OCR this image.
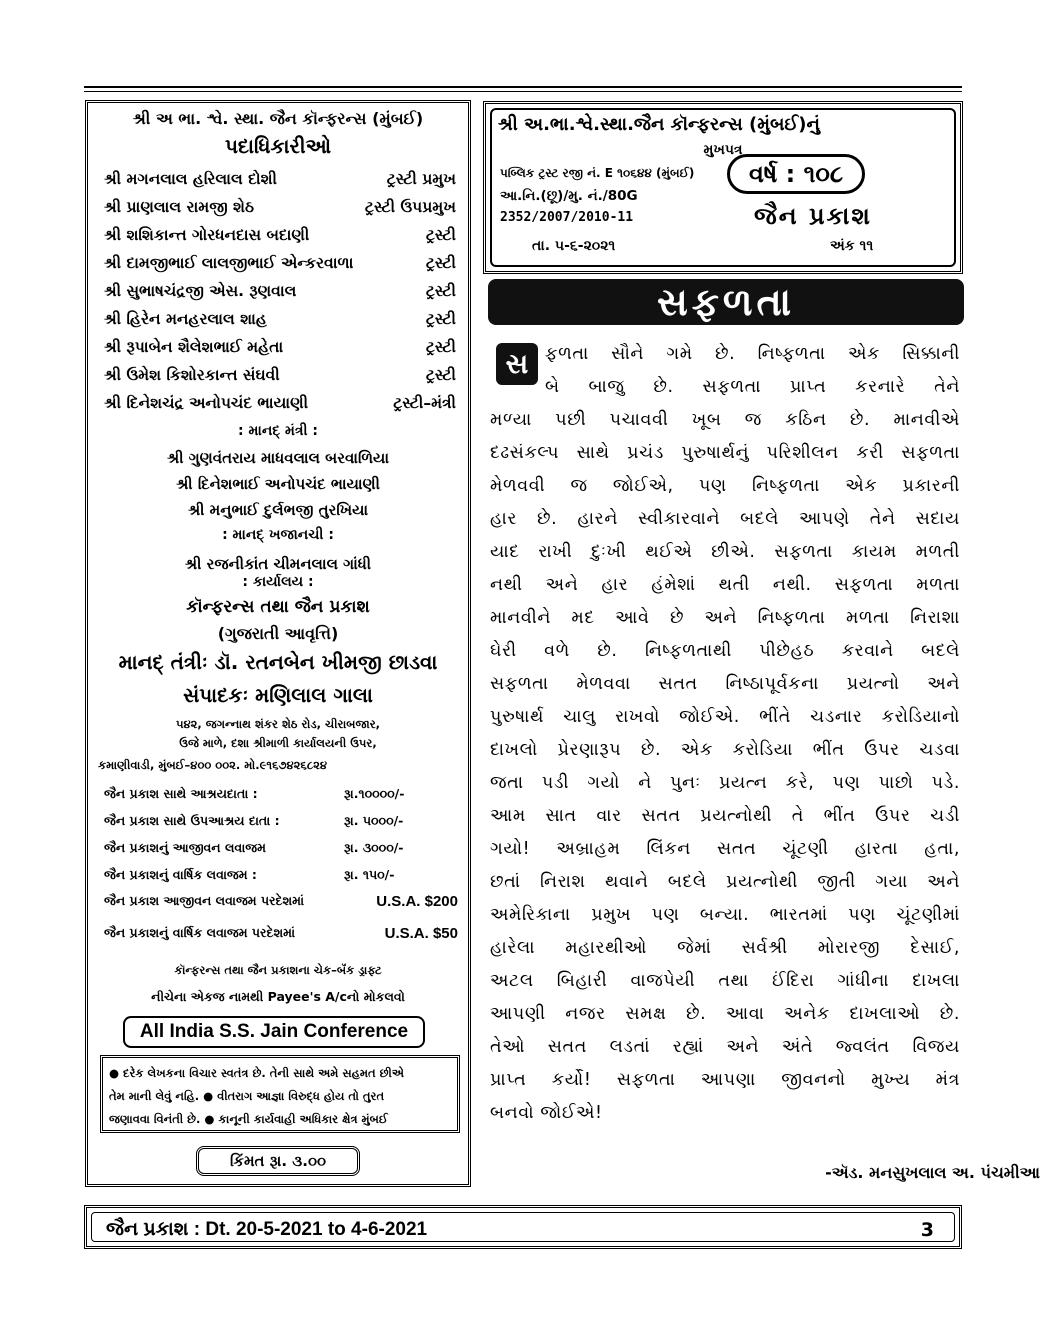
શ્રી અ ભા. શ્વે. સ્થા. જૈન કૉન્ફરન્સ (મુંબઈ)
પદાધિકારીઓ
શ્રી મગનલાલ હરિલાલ દોશી	ટ્રસ્ટી પ્રમુખ
શ્રી પ્રાણલાલ રામજી શેઠ	ટ્રસ્ટી ઉપપ્રમુખ
શ્રી શશિકાન્ત ગોરધનદાસ બદાણી	ટ્રસ્ટી
શ્રી દામજીભાઈ લાલજીભાઈ એન્કરવાળા	ટ્રસ્ટી
શ્રી સુભાષચંદ્રજી એસ. રૂણવાલ	ટ્રસ્ટી
શ્રી હિરેન મનહરલાલ શાહ	ટ્રસ્ટી
શ્રી રૂપાબેન શૈલેશભાઈ મહેતા	ટ્રસ્ટી
શ્રી ઉમેશ કિશોરકાન્ત સંઘવી	ટ્રસ્ટી
શ્રી દિનેશચંદ્ર અનોપચંદ ભાયાણી	ટ્રસ્ટી–મંત્રી
: માનદ્ મંત્રી :
શ્રી ગુણવંતરાય માધવલાલ બરવાળિયા
શ્રી દિનેશભાઈ અનોપચંદ ભાયાણી
શ્રી મનુભાઈ દુર્લભજી તુરખિયા
: માનદ્ ખજાનચી :
શ્રી રજનીકાંત ચીમનલાલ ગાંધી
: કાર્યાલય :
કૉન્ફરન્સ તથા જૈન પ્રકાશ
(ગુજરાતી આવૃત્તિ)
માનદ્ તંત્રીઃ ડૉ. રતનબેન ખીમજી છાડવા
સંપાદકઃ મણિલાલ ગાલા
૫૪૨, જગન્નાથ શંકર શેઠ રોડ, ચીરાબજાર,
ઉજે માળે, દશા શ્રીમાળી કાર્યાલયની ઉપર,
કમાણીવાડી, મુંબઈ–૪૦૦ ૦૦૨. મો.૯૧૬૭૪૨૬૮૨૪
જૈન પ્રકાશ સાથે આશ્રયદાતા :	રૂા.૧૦૦૦૦/-
જૈન પ્રકાશ સાથે ઉપઆશ્રય દાતા :	રૂા. ૫૦૦૦/-
જૈન પ્રકાશનું આજીવન લવાજમ	રૂા. ૩૦૦૦/-
જૈન પ્રકાશનું વાર્ષિક લવાજમ :	રૂા. ૧૫૦/-
જૈન પ્રકાશ આજીવન લવાજમ પરદેશમાં	U.S.A. $200
જૈન પ્રકાશનું વાર્ષિક લવાજમ પરદેશમાં	U.S.A. $50
કૉન્ફરન્સ તથા જૈન પ્રકાશના ચેક–બૅંક ડ્રાફ્ટ
નીચેના એકજ નામથી Payee's A/cનો મોકલવો
All India S.S. Jain Conference
● દરેક લેખકના વિચાર સ્વતંત્ર છે. તેની સાથે અમે સહમત છીએ
તેમ માની લેવું નહિ. ● વીતરાગ આજ્ઞા વિરુદ્ધ હોય તો તુરત
જણાવવા વિનંતી છે. ● કાનૂની કાર્યવાહી અધિકાર ક્ષેત્ર મુંબઈ
કિંમત રૂા. ૩.૦૦
શ્રી અ.ભા.શ્વે.સ્થા.જૈન કૉન્ફરન્સ (મુંબઈ)નું
મુખપત્ર
પબ્લિક ટ્રસ્ટ રજી નં. E ૧૦૬૪૪ (મુંબઈ)
આ.નિ.(છૂ)/મુ. નં./80G
2352/2007/2010-11
વર્ષ : ૧૦૮
જૈન પ્રકાશ
તા. ૫-૬-૨૦૨૧	અંક ૧૧
સફળતા
સ ફળતા સૌને ગમે છે. નિષ્ફળતા એક સિક્કાની
બે બાજુ છે. સફળતા પ્રાપ્ત કરનારે તેને
મળ્યા પછી પચાવવી ખૂબ જ કઠિન છે. માનવીએ
દઢસંકલ્પ સાથે પ્રચંડ પુરુષાર્થનું પરિશીલન કરી સફળતા
મેળવવી જ જોઈએ, પણ નિષ્ફળતા એક પ્રકારની
હાર છે. હારને સ્વીકારવાને બદલે આપણે તેને સદાય
યાદ રાખી દુઃખી થઈએ છીએ. સફળતા કાયમ મળતી
નથી અને હાર હંમેશાં થતી નથી. સફળતા મળતા
માનવીને મદ આવે છે અને નિષ્ફળતા મળતા નિરાશા
ઘેરી વળે છે. નિષ્ફળતાથી પીછેહઠ કરવાને બદલે
સફળતા મેળવવા સતત નિષ્ઠાપૂર્વકના પ્રયત્નો અને
પુરુષાર્થ ચાલુ રાખવો જોઈએ. ભીંતે ચડનાર કરોડિયાનો
દાખલો પ્રેરણારૂપ છે. એક કરોડિયા ભીંત ઉપર ચડવા
જતા પડી ગયો ને પુનઃ પ્રયત્ન કરે, પણ પાછો પડે.
આમ સાત વાર સતત પ્રયત્નોથી તે ભીંત ઉપર ચડી
ગયો! અબ્રાહમ લિંકન સતત ચૂંટણી હારતા હતા,
છતાં નિરાશ થવાને બદલે પ્રયત્નોથી જીતી ગયા અને
અમેરિકાના પ્રમુખ પણ બન્યા. ભારતમાં પણ ચૂંટણીમાં
હારેલા મહારથીઓ જેમાં સર્વશ્રી મોરારજી દેસાઈ,
અટલ બિહારી વાજપેયી તથા ઈંદિરા ગાંધીના દાખલા
આપણી નજર સમક્ષ છે. આવા અનેક દાખલાઓ છે.
તેઓ સતત લડતાં રહ્યાં અને અંતે જ્વલંત વિજય
પ્રાપ્ત કર્યો! સફળતા આપણા જીવનનો મુખ્ય મંત્ર
બનવો જોઈએ!
-ઍડ. મનસુખલાલ અ. પંચમીઆ
જૈન પ્રકાશ : Dt. 20-5-2021 to 4-6-2021	3
